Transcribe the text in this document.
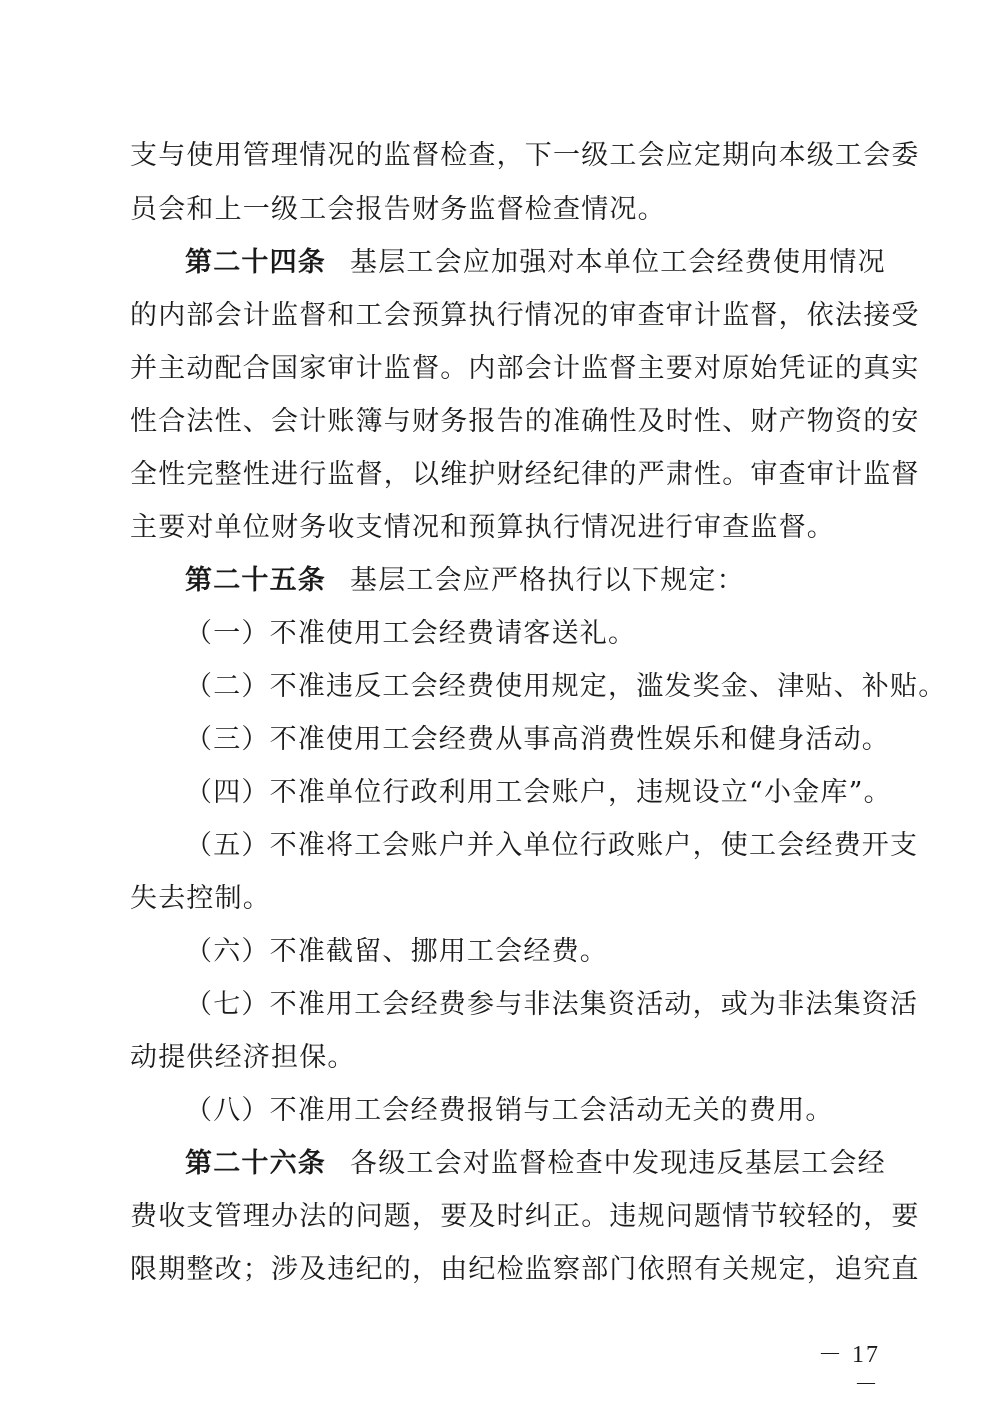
支与使用管理情况的监督检查，下一级工会应定期向本级工会委
员会和上一级工会报告财务监督检查情况。
第二十四条 基层工会应加强对本单位工会经费使用情况
的内部会计监督和工会预算执行情况的审查审计监督，依法接受
并主动配合国家审计监督。内部会计监督主要对原始凭证的真实
性合法性、会计账簿与财务报告的准确性及时性、财产物资的安
全性完整性进行监督，以维护财经纪律的严肃性。审查审计监督
主要对单位财务收支情况和预算执行情况进行审查监督。
第二十五条 基层工会应严格执行以下规定：
（一）不准使用工会经费请客送礼。
（二）不准违反工会经费使用规定，滥发奖金、津贴、补贴。
（三）不准使用工会经费从事高消费性娱乐和健身活动。
（四）不准单位行政利用工会账户，违规设立“小金库”。
（五）不准将工会账户并入单位行政账户，使工会经费开支
失去控制。
（六）不准截留、挪用工会经费。
（七）不准用工会经费参与非法集资活动，或为非法集资活
动提供经济担保。
（八）不准用工会经费报销与工会活动无关的费用。
第二十六条 各级工会对监督检查中发现违反基层工会经
费收支管理办法的问题，要及时纠正。违规问题情节较轻的，要
限期整改；涉及违纪的，由纪检监察部门依照有关规定，追究直
－ 17 －
